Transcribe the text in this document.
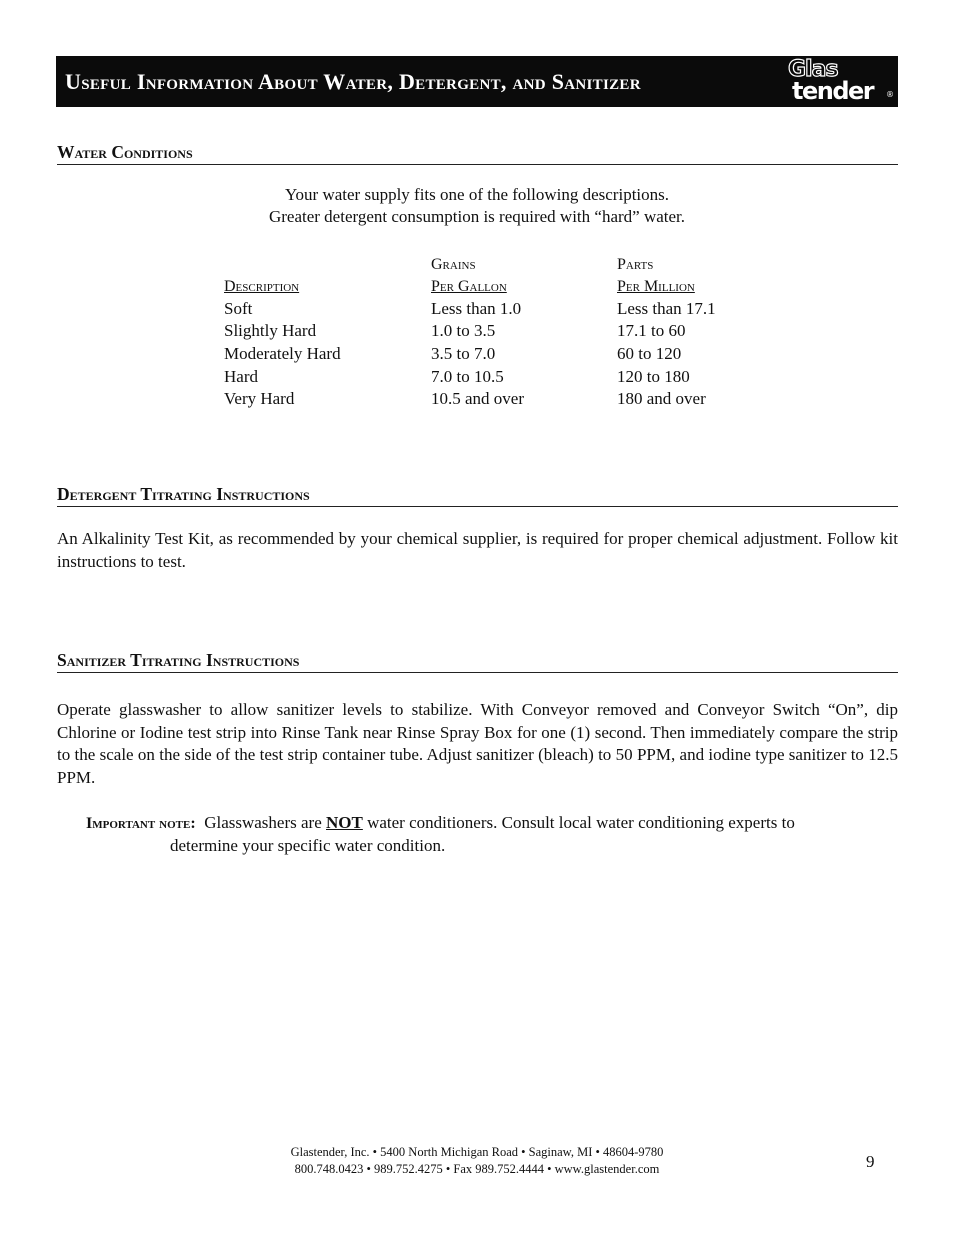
Useful Information About Water, Detergent, and Sanitizer	Glas
tender ®
Water Conditions
Your water supply fits one of the following descriptions.
Greater detergent consumption is required with “hard” water.
	Grains	Parts
Description	Per Gallon	Per Million
Soft	Less than 1.0	Less than 17.1
Slightly Hard	1.0 to 3.5	17.1 to 60
Moderately Hard	3.5 to 7.0	60 to 120
Hard	7.0 to 10.5	120 to 180
Very Hard	10.5 and over	180 and over
Detergent Titrating Instructions
An Alkalinity Test Kit, as recommended by your chemical supplier, is required for proper chemical adjustment. Follow kit instructions to test.
Sanitizer Titrating Instructions
Operate glasswasher to allow sanitizer levels to stabilize. With Conveyor removed and Conveyor Switch “On”, dip Chlorine or Iodine test strip into Rinse Tank near Rinse Spray Box for one (1) second. Then immediately compare the strip to the scale on the side of the test strip container tube. Adjust sanitizer (bleach) to 50 PPM, and iodine type sanitizer to 12.5 PPM.
Important note: Glasswashers are NOT water conditioners. Consult local water conditioning experts to
determine your specific water condition.
Glastender, Inc. • 5400 North Michigan Road • Saginaw, MI • 48604-9780
800.748.0423 • 989.752.4275 • Fax 989.752.4444 • www.glastender.com	9
